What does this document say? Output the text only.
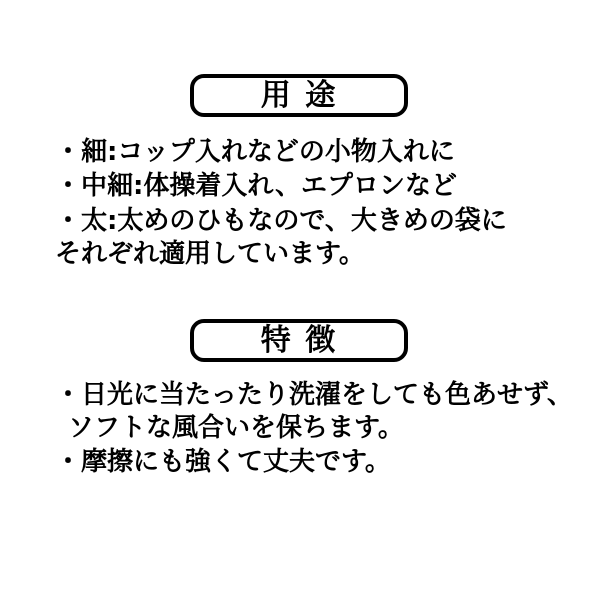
用 途
・細:コップ入れなどの小物入れに
・中細:体操着入れ、エプロンなど
・太:太めのひもなので、大きめの袋に
それぞれ適用しています。
特 徴
・日光に当たったり洗濯をしても色あせず、
ソフトな風合いを保ちます。
・摩擦にも強くて丈夫です。
